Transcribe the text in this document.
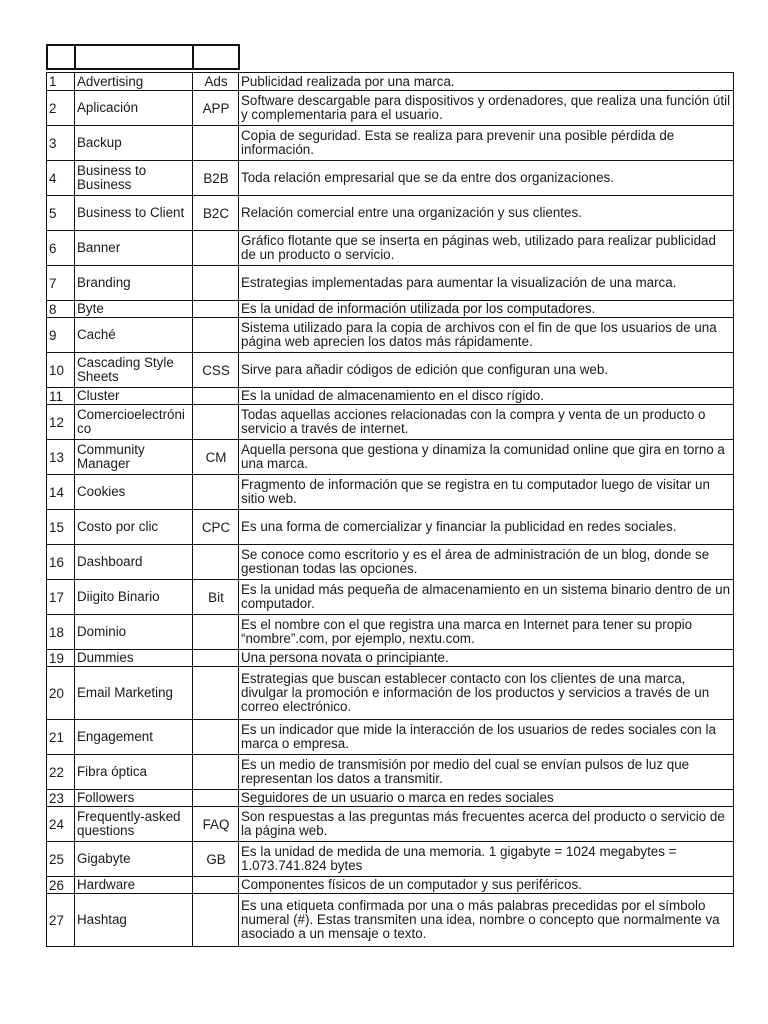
1	Advertising	Ads	Publicidad realizada por una marca.
2	Aplicación	APP	Software descargable para dispositivos y ordenadores, que realiza una función útil y complementaria para el usuario.
3	Backup		Copia de seguridad. Esta se realiza para prevenir una posible pérdida de información.
4	Business to Business	B2B	Toda relación empresarial que se da entre dos organizaciones.
5	Business to Client	B2C	Relación comercial entre una organización y sus clientes.
6	Banner		Gráfico flotante que se inserta en páginas web, utilizado para realizar publicidad de un producto o servicio.
7	Branding		Estrategias implementadas para aumentar la visualización de una marca.
8	Byte		Es la unidad de información utilizada por los computadores.
9	Caché		Sistema utilizado para la copia de archivos con el fin de que los usuarios de una página web aprecien los datos más rápidamente.
10	Cascading Style Sheets	CSS	Sirve para añadir códigos de edición que configuran una web.
11	Cluster		Es la unidad de almacenamiento en el disco rígido.
12	Comercioelectrónico		Todas aquellas acciones relacionadas con la compra y venta de un producto o servicio a través de internet.
13	Community Manager	CM	Aquella persona que gestiona y dinamiza la comunidad online que gira en torno a una marca.
14	Cookies		Fragmento de información que se registra en tu computador luego de visitar un sitio web.
15	Costo por clic	CPC	Es una forma de comercializar y financiar la publicidad en redes sociales.
16	Dashboard		Se conoce como escritorio y es el área de administración de un blog, donde se gestionan todas las opciones.
17	Diigito Binario	Bit	Es la unidad más pequeña de almacenamiento en un sistema binario dentro de un computador.
18	Dominio		Es el nombre con el que registra una marca en Internet para tener su propio “nombre”.com, por ejemplo, nextu.com.
19	Dummies		Una persona novata o principiante.
20	Email Marketing		Estrategias que buscan establecer contacto con los clientes de una marca, divulgar la promoción e información de los productos y servicios a través de un correo electrónico.
21	Engagement		Es un indicador que mide la interacción de los usuarios de redes sociales con la marca o empresa.
22	Fibra óptica		Es un medio de transmisión por medio del cual se envían pulsos de luz que representan los datos a transmitir.
23	Followers		Seguidores de un usuario o marca en redes sociales
24	Frequently-asked questions	FAQ	Son respuestas a las preguntas más frecuentes acerca del producto o servicio de la página web.
25	Gigabyte	GB	Es la unidad de medida de una memoria. 1 gigabyte = 1024 megabytes = 1.073.741.824 bytes
26	Hardware		Componentes físicos de un computador y sus periféricos.
27	Hashtag		Es una etiqueta confirmada por una o más palabras precedidas por el símbolo numeral (#). Estas transmiten una idea, nombre o concepto que normalmente va asociado a un mensaje o texto.
